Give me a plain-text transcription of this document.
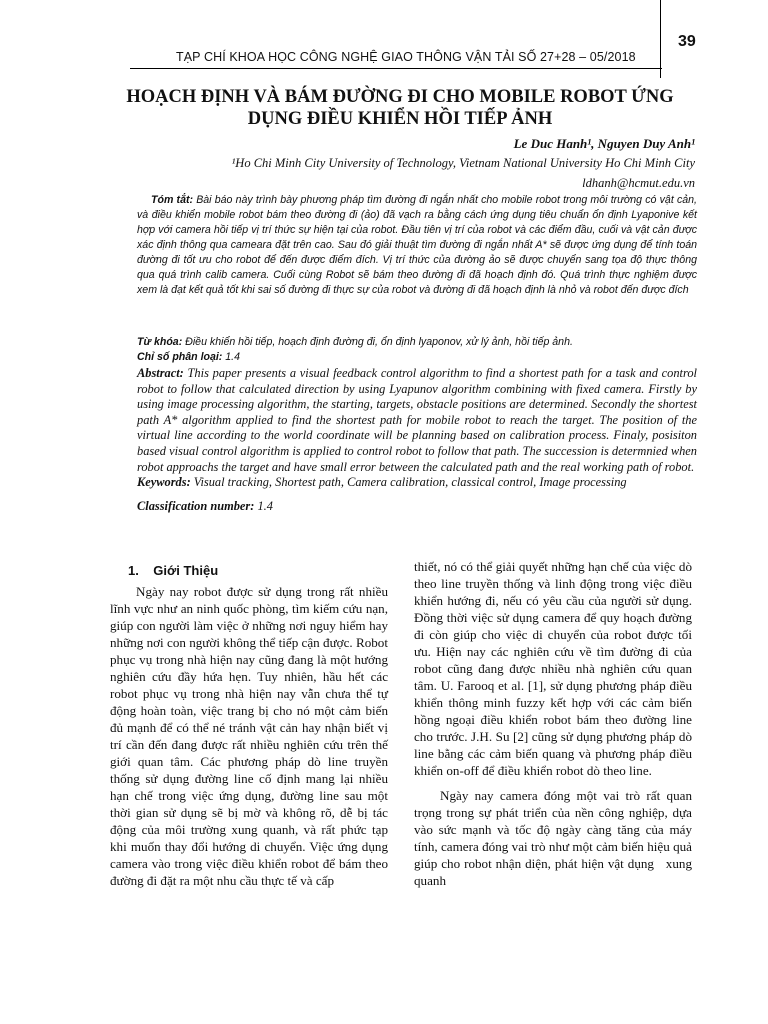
39
TẠP CHÍ KHOA HỌC CÔNG NGHỆ GIAO THÔNG VẬN TẢI SỐ 27+28 – 05/2018
HOẠCH ĐỊNH VÀ BÁM ĐƯỜNG ĐI CHO MOBILE ROBOT ỨNG DỤNG ĐIỀU KHIỂN HỒI TIẾP ẢNH
Le Duc Hanh¹, Nguyen Duy Anh¹
¹Ho Chi Minh City University of Technology, Vietnam National University Ho Chi Minh City
ldhanh@hcmut.edu.vn

Tóm tắt: Bài báo này trình bày phương pháp tìm đường đi ngắn nhất cho mobile robot trong môi trường có vật cản, và điều khiển mobile robot bám theo đường đi (ảo) đã vạch ra bằng cách ứng dụng tiêu chuẩn ổn định Lyaponive kết hợp với camera hồi tiếp vị trí thức sự hiện tại của robot. Đầu tiên vị trí của robot và các điểm đầu, cuối và vật cản được xác định thông qua cameara đặt trên cao. Sau đó giải thuật tìm đường đi ngắn nhất A* sẽ được ứng dụng để tính toán đường đi tốt ưu cho robot để đến được điểm đích. Vị trí thức của đường ảo sẽ được chuyển sang tọa độ thực thông qua quá trình calib camera. Cuối cùng Robot sẽ bám theo đường đi đã hoạch định đó. Quá trình thực nghiệm được xem là đạt kết quả tốt khi sai số đường đi thực sự của robot và đường đi đã hoạch định là nhỏ và robot đến được đích

Từ khóa: Điều khiển hồi tiếp, hoạch định đường đi, ổn định lyaponov, xử lý ảnh, hồi tiếp ảnh.

Chỉ số phân loại: 1.4

Abstract: This paper presents a visual feedback control algorithm to find a shortest path for a task and control robot to follow that calculated direction by using Lyapunov algorithm combining with fixed camera. Firstly by using image processing algorithm, the starting, targets, obstacle positions are determined. Secondly the shortest path A* algorithm applied to find the shortest path for mobile robot to reach the target. The position of the virtual line according to the world coordinate will be planning based on calibration process. Finaly, posisiton based visual control algorithm is applied to control robot to follow that path. The succession is determnied when robot approachs the target and have small error between the calculated path and the real working path of robot.

Keywords: Visual tracking, Shortest path, Camera calibration, classical control, Image processing

Classification number: 1.4

1.    Giới Thiệu

Ngày nay robot được sử dụng trong rất nhiều lĩnh vực như an ninh quốc phòng, tìm kiếm cứu nạn, giúp con người làm việc ở những nơi nguy hiểm hay những nơi con người không thể tiếp cận được. Robot phục vụ trong nhà hiện nay cũng đang là một hướng nghiên cứu đầy hứa hẹn. Tuy nhiên, hầu hết các robot phục vụ trong nhà hiện nay vẫn chưa thể tự động hoàn toàn, việc trang bị cho nó một cảm biến đủ mạnh để có thể né tránh vật cản hay nhận biết vị trí cần đến đang được rất nhiều nghiên cứu trên thế giới quan tâm. Các phương pháp dò line truyền thống sử dụng đường line cố định mang lại nhiều hạn chế trong việc ứng dụng, đường line sau một thời gian sử dụng sẽ bị mờ và không rõ, dễ bị tác động của môi trường xung quanh, và rất phức tạp khi muốn thay đổi hướng di chuyển. Việc ứng dụng camera vào trong việc điều khiển robot để bám theo đường đi đặt ra một nhu cầu thực tế và cấp

thiết, nó có thể giải quyết những hạn chế của việc dò theo line truyền thống và linh động trong việc điều khiển hướng đi, nếu có yêu cầu của người sử dụng. Đồng thời việc sử dụng camera để quy hoạch đường đi còn giúp cho việc di chuyển của robot được tối ưu. Hiện nay các nghiên cứu về tìm đường đi của robot cũng đang được nhiều nhà nghiên cứu quan tâm. U. Farooq et al. [1], sử dụng phương pháp điều khiển thông minh fuzzy kết hợp với các cảm biến hồng ngoại điều khiển robot bám theo đường line cho trước. J.H. Su [2] cũng sử dụng phương pháp dò line bằng các cảm biến quang và phương pháp điều khiển on-off để điều khiển robot dò theo line.

Ngày nay camera đóng một vai trò rất quan trọng trong sự phát triển của nền công nghiệp, dựa vào sức mạnh và tốc độ ngày càng tăng của máy tính, camera đóng vai trò như một cảm biến hiệu quả giúp cho robot nhận diện, phát hiện vật dụng   xung quanh
